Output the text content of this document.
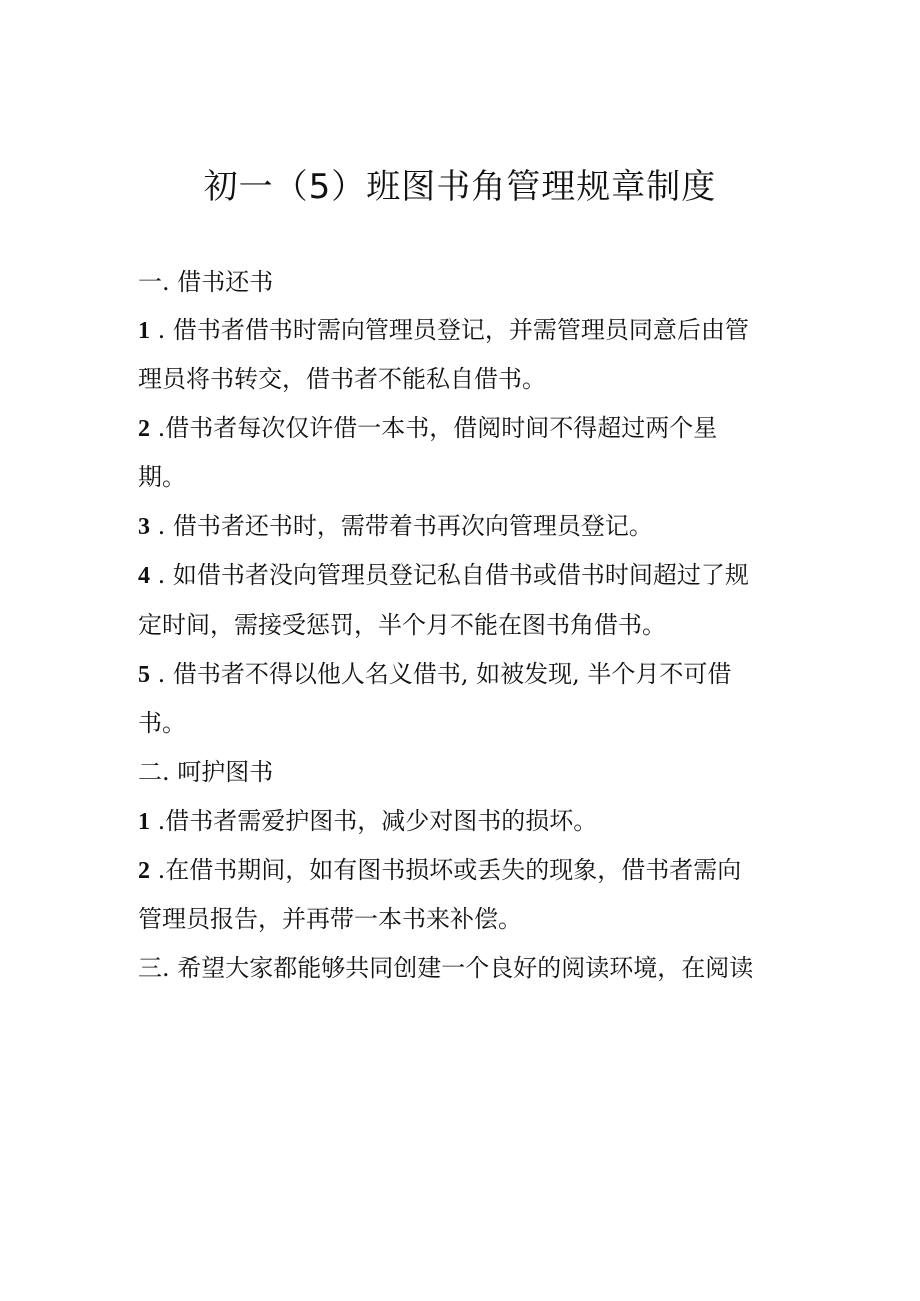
初一（5）班图书角管理规章制度

一. 借书还书

1 . 借书者借书时需向管理员登记，并需管理员同意后由管

理员将书转交，借书者不能私自借书。

2 .借书者每次仅许借一本书，借阅时间不得超过两个星

期。

3 . 借书者还书时，需带着书再次向管理员登记。

4 . 如借书者没向管理员登记私自借书或借书时间超过了规

定时间，需接受惩罚，半个月不能在图书角借书。

5 . 借书者不得以他人名义借书, 如被发现, 半个月不可借

书。

二. 呵护图书

1 .借书者需爱护图书，减少对图书的损坏。

2 .在借书期间，如有图书损坏或丢失的现象，借书者需向

管理员报告，并再带一本书来补偿。

三. 希望大家都能够共同创建一个良好的阅读环境，在阅读
